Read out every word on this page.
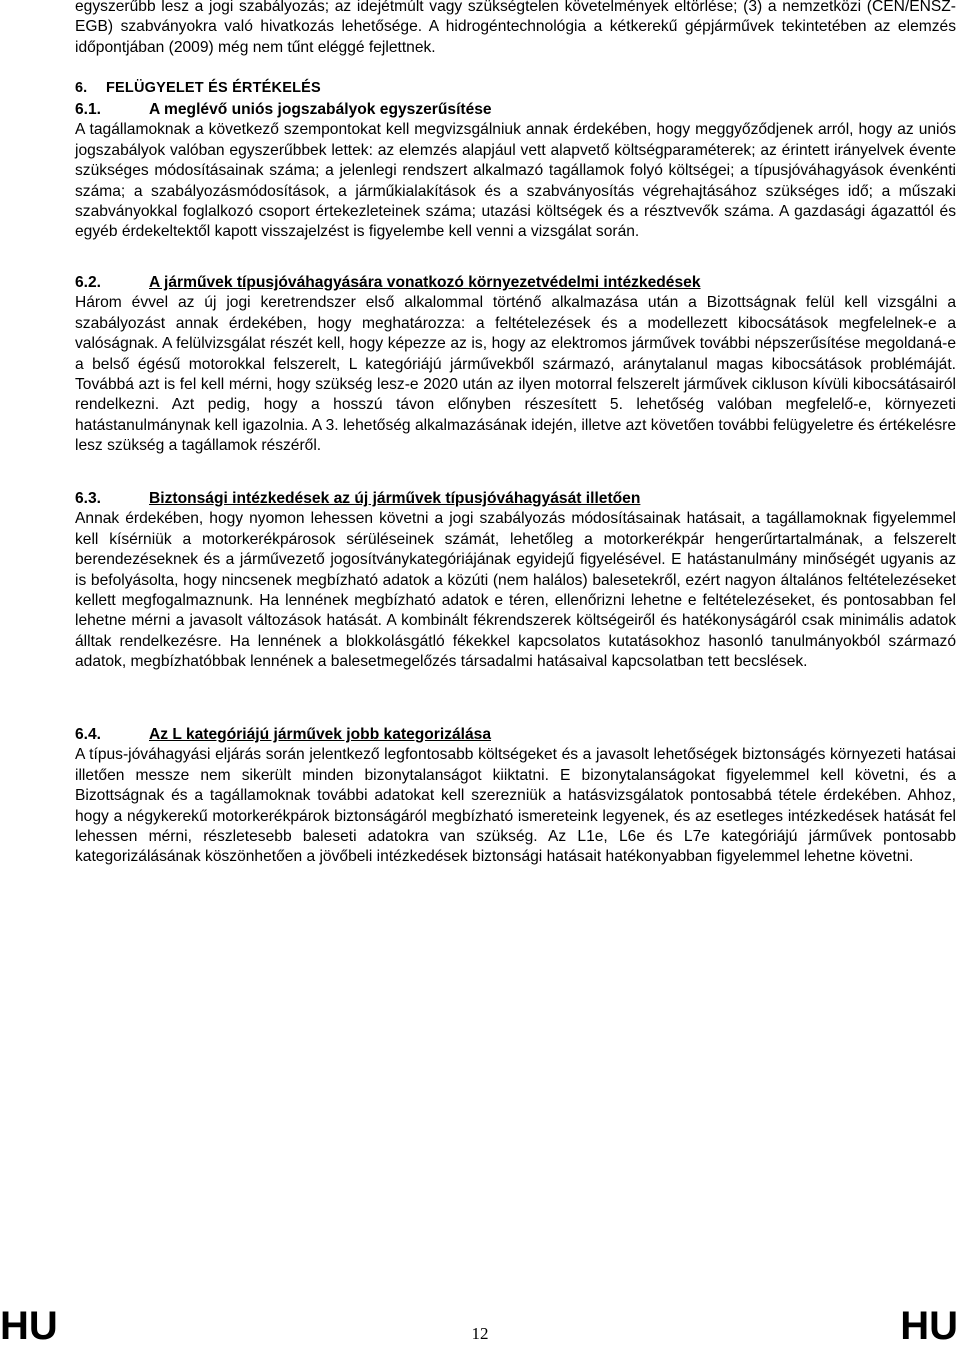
egyszerűbb lesz a jogi szabályozás; az idejétmúlt vagy szükségtelen követelmények eltörlése; (3) a nemzetközi (CEN/ENSZ-EGB) szabványokra való hivatkozás lehetősége. A hidrogéntechnológia a kétkerekű gépjárművek tekintetében az elemzés időpontjában (2009) még nem tűnt eléggé fejlettnek.

6. FELÜGYELET ÉS ÉRTÉKELÉS
6.1.	A meglévő uniós jogszabályok egyszerűsítése

A tagállamoknak a következő szempontokat kell megvizsgálniuk annak érdekében, hogy meggyőződjenek arról, hogy az uniós jogszabályok valóban egyszerűbbek lettek: az elemzés alapjául vett alapvető költségparaméterek; az érintett irányelvek évente szükséges módosításainak száma; a jelenlegi rendszert alkalmazó tagállamok folyó költségei; a típusjóváhagyások évenkénti száma; a szabályozásmódosítások, a járműkialakítások és a szabványosítás végrehajtásához szükséges idő; a műszaki szabványokkal foglalkozó csoport értekezleteinek száma; utazási költségek és a résztvevők száma. A gazdasági ágazattól és egyéb érdekeltektől kapott visszajelzést is figyelembe kell venni a vizsgálat során.

6.2.	A járművek típusjóváhagyására vonatkozó környezetvédelmi intézkedések

Három évvel az új jogi keretrendszer első alkalommal történő alkalmazása után a Bizottságnak felül kell vizsgálni a szabályozást annak érdekében, hogy meghatározza: a feltételezések és a modellezett kibocsátások megfelelnek-e a valóságnak. A felülvizsgálat részét kell, hogy képezze az is, hogy az elektromos járművek további népszerűsítése megoldaná-e a belső égésű motorokkal felszerelt, L kategóriájú járművekből származó, aránytalanul magas kibocsátások problémáját. Továbbá azt is fel kell mérni, hogy szükség lesz-e 2020 után az ilyen motorral felszerelt járművek cikluson kívüli kibocsátásairól rendelkezni. Azt pedig, hogy a hosszú távon előnyben részesített 5. lehetőség valóban megfelelő-e, környezeti hatástanulmánynak kell igazolnia. A 3. lehetőség alkalmazásának idején, illetve azt követően további felügyeletre és értékelésre lesz szükség a tagállamok részéről.

6.3.	Biztonsági intézkedések az új járművek típusjóváhagyását illetően

Annak érdekében, hogy nyomon lehessen követni a jogi szabályozás módosításainak hatásait, a tagállamoknak figyelemmel kell kísérniük a motorkerékpárosok sérüléseinek számát, lehetőleg a motorkerékpár hengerűrtartalmának, a felszerelt berendezéseknek és a járművezető jogosítványkategóriájának egyidejű figyelésével. E hatástanulmány minőségét ugyanis az is befolyásolta, hogy nincsenek megbízható adatok a közúti (nem halálos) balesetekről, ezért nagyon általános feltételezéseket kellett megfogalmaznunk. Ha lennének megbízható adatok e téren, ellenőrizni lehetne e feltételezéseket, és pontosabban fel lehetne mérni a javasolt változások hatását. A kombinált fékrendszerek költségeiről és hatékonyságáról csak minimális adatok álltak rendelkezésre. Ha lennének a blokkolásgátló fékekkel kapcsolatos kutatásokhoz hasonló tanulmányokból származó adatok, megbízhatóbbak lennének a balesetmegelőzés társadalmi hatásaival kapcsolatban tett becslések.

6.4.	Az L kategóriájú járművek jobb kategorizálása

A típus-jóváhagyási eljárás során jelentkező legfontosabb költségeket és a javasolt lehetőségek biztonságés környezeti hatásai illetően messze nem sikerült minden bizonytalanságot kiiktatni. E bizonytalanságokat figyelemmel kell követni, és a Bizottságnak és a tagállamoknak további adatokat kell szerezniük a hatásvizsgálatok pontosabbá tétele érdekében. Ahhoz, hogy a négykerekű motorkerékpárok biztonságáról megbízható ismereteink legyenek, és az esetleges intézkedések hatását fel lehessen mérni, részletesebb baleseti adatokra van szükség. Az L1e, L6e és L7e kategóriájú járművek pontosabb kategorizálásának köszönhetően a jövőbeli intézkedések biztonsági hatásait hatékonyabban figyelemmel lehetne követni.

HU	12	HU
